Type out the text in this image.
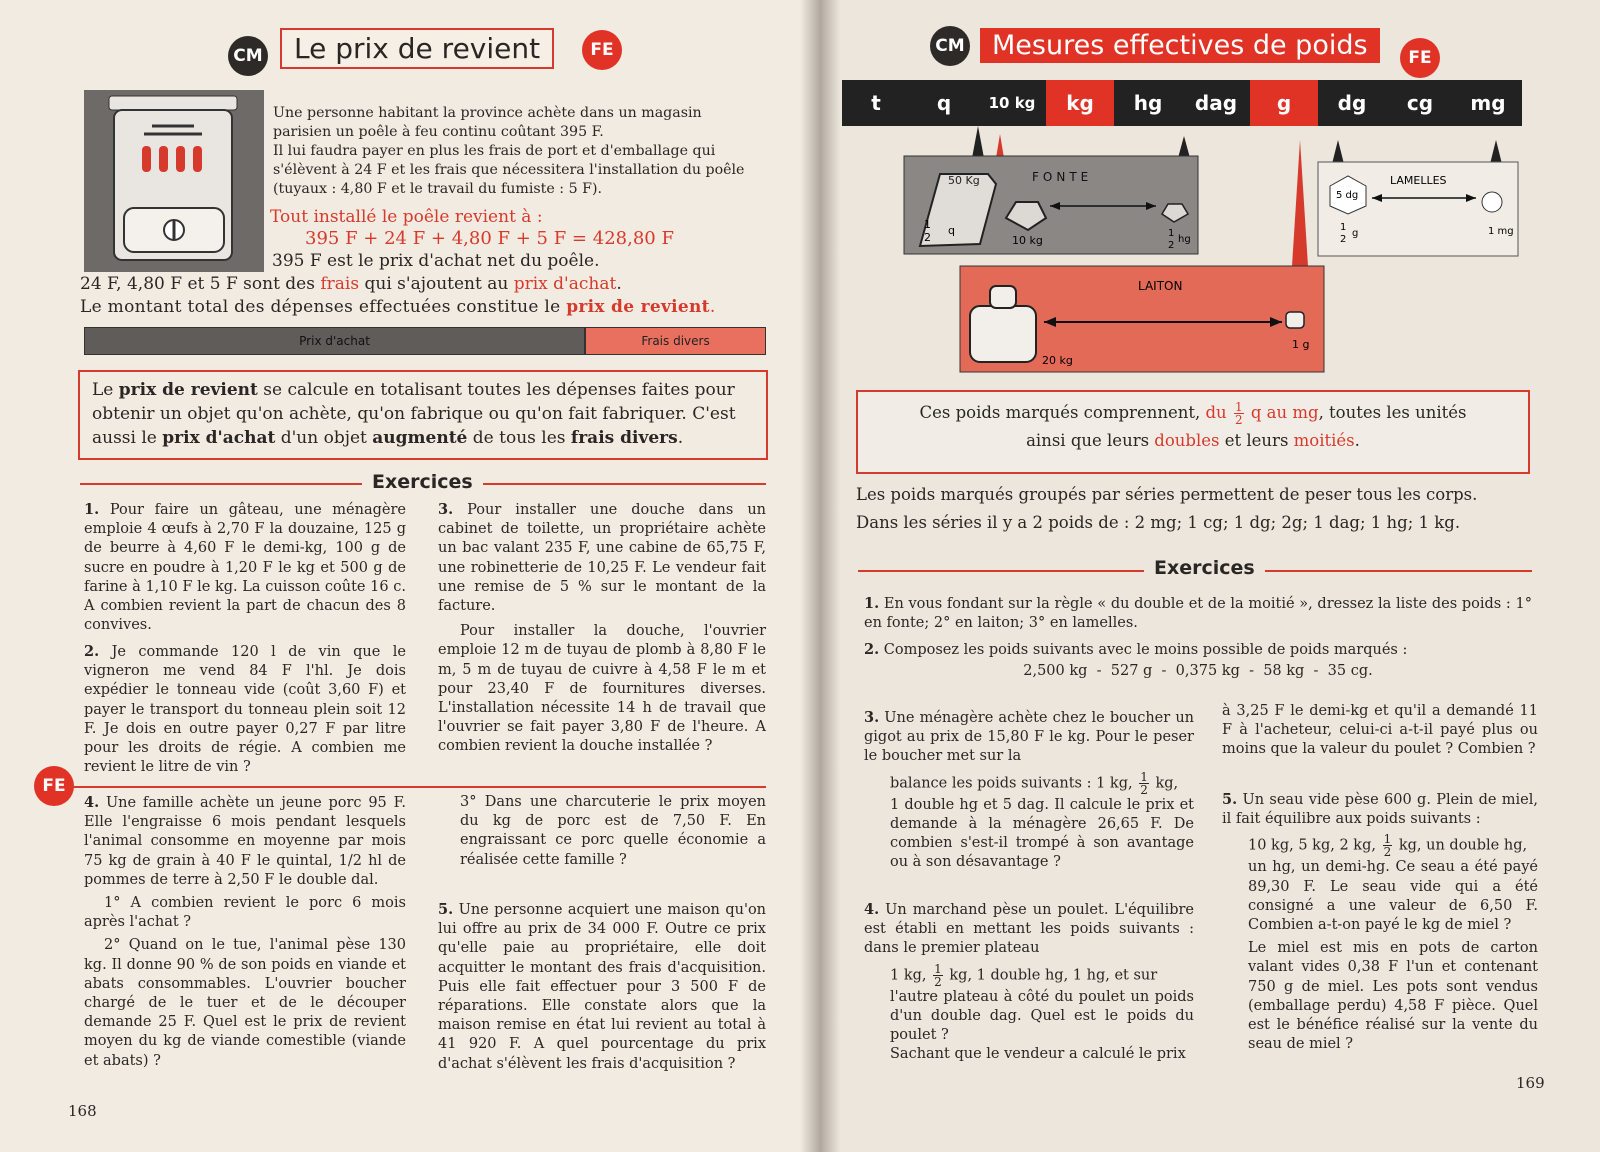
CM	Le prix de revient	FE

Une personne habitant la province achète dans un magasin

parisien un poêle à feu continu coûtant 395 F.

Il lui faudra payer en plus les frais de port et d'emballage qui

s'élèvent à 24 F et les frais que nécessitera l'installation du poêle

(tuyaux : 4,80 F et le travail du fumiste : 5 F).

Tout installé le poêle revient à :
395 F + 24 F + 4,80 F + 5 F = 428,80 F
395 F est le prix d'achat net du poêle.
24 F, 4,80 F et 5 F sont des frais qui s'ajoutent au prix d'achat.
Le montant total des dépenses effectuées constitue le prix de revient.
Prix d'achat	Frais divers

Le prix de revient se calcule en totalisant toutes les dépenses faites pour obtenir un objet qu'on achète, qu'on fabrique ou qu'on fait fabriquer. C'est aussi le prix d'achat d'un objet augmenté de tous les frais divers.

Exercices
1. Pour faire un gâteau, une ménagère emploie 4 œufs à 2,70 F la douzaine, 125 g de beurre à 4,60 F le demi-kg, 100 g de sucre en poudre à 1,20 F le kg et 500 g de farine à 1,10 F le kg. La cuisson coûte 16 c. A combien revient la part de chacun des 8 convives.
2. Je commande 120 l de vin que le vigneron me vend 84 F l'hl. Je dois expédier le tonneau vide (coût 3,60 F) et payer le transport du tonneau plein soit 12 F. Je dois en outre payer 0,27 F par litre pour les droits de régie. A combien me revient le litre de vin ?
3. Pour installer une douche dans un cabinet de toilette, un propriétaire achète un bac valant 235 F, une cabine de 65,75 F, une robinetterie de 10,25 F. Le vendeur fait une remise de 5 % sur le montant de la facture.

Pour installer la douche, l'ouvrier emploie 12 m de tuyau de plomb à 8,80 F le m, 5 m de tuyau de cuivre à 4,58 F le m et pour 23,40 F de fournitures diverses. L'installation nécessite 14 h de travail que l'ouvrier se fait payer 3,80 F de l'heure. A combien revient la douche installée ?

FE
4. Une famille achète un jeune porc 95 F. Elle l'engraisse 6 mois pendant lesquels l'animal consomme en moyenne par mois 75 kg de grain à 40 F le quintal, 1/2 hl de pommes de terre à 2,50 F le double dal.

1° A combien revient le porc 6 mois après l'achat ?

2° Quand on le tue, l'animal pèse 130 kg. Il donne 90 % de son poids en viande et abats consommables. L'ouvrier boucher chargé de le tuer et de le découper demande 25 F. Quel est le prix de revient moyen du kg de viande comestible (viande et abats) ?

3° Dans une charcuterie le prix moyen du kg de porc est de 7,50 F. En engraissant ce porc quelle économie a réalisée cette famille ?
5. Une personne acquiert une maison qu'on lui offre au prix de 34 000 F. Outre ce prix qu'elle paie au propriétaire, elle doit acquitter le montant des frais d'acquisition. Puis elle fait effectuer pour 3 500 F de réparations. Elle constate alors que la maison remise en état lui revient au total à 41 920 F. A quel pourcentage du prix d'achat s'élèvent les frais d'acquisition ?
168
CM	Mesures effectives de poids	FE
t	q	10 kg	kg	hg	dag	g	dg	cg	mg
FONTE
50 Kg
1
2
q
10 kg
1
2
hg
LAMELLES
5 dg
1
2
g	1 mg
LAITON
20 kg
1 g

Ces poids marqués comprennent, du $\frac{1}{2}$ q au mg, toutes les unités

ainsi que leurs doubles et leurs moitiés.

Les poids marqués groupés par séries permettent de peser tous les corps.

Dans les séries il y a 2 poids de : 2 mg; 1 cg; 1 dg; 2g; 1 dag; 1 hg; 1 kg.

Exercices
1. En vous fondant sur la règle « du double et de la moitié », dressez la liste des poids : 1° en fonte; 2° en laiton; 3° en lamelles.
2. Composez les poids suivants avec le moins possible de poids marqués :

2,500 kg  -  527 g  -  0,375 kg  -  58 kg  -  35 cg.

3. Une ménagère achète chez le boucher un gigot au prix de 15,80 F le kg. Pour le peser le boucher met sur la

balance les poids suivants : 1 kg, $\frac{1}{2}$ kg,

1 double hg et 5 dag. Il calcule le prix et demande à la ménagère 26,65 F. De combien s'est-il trompé à son avantage ou à son désavantage ?

4. Un marchand pèse un poulet. L'équilibre est établi en mettant les poids suivants : dans le premier plateau

1 kg, $\frac{1}{2}$ kg, 1 double hg, 1 hg, et sur

l'autre plateau à côté du poulet un poids d'un double dag. Quel est le poids du poulet ?

Sachant que le vendeur a calculé le prix

à 3,25 F le demi-kg et qu'il a demandé 11 F à l'acheteur, celui-ci a-t-il payé plus ou moins que la valeur du poulet ? Combien ?
5. Un seau vide pèse 600 g. Plein de miel, il fait équilibre aux poids suivants :

10 kg, 5 kg, 2 kg, $\frac{1}{2}$ kg, un double hg,

un hg, un demi-hg. Ce seau a été payé 89,30 F. Le seau vide qui a été consigné a une valeur de 6,50 F. Combien a-t-on payé le kg de miel ?

Le miel est mis en pots de carton valant vides 0,38 F l'un et contenant 750 g de miel. Les pots sont vendus (emballage perdu) 4,58 F pièce. Quel est le bénéfice réalisé sur la vente du seau de miel ?

169
